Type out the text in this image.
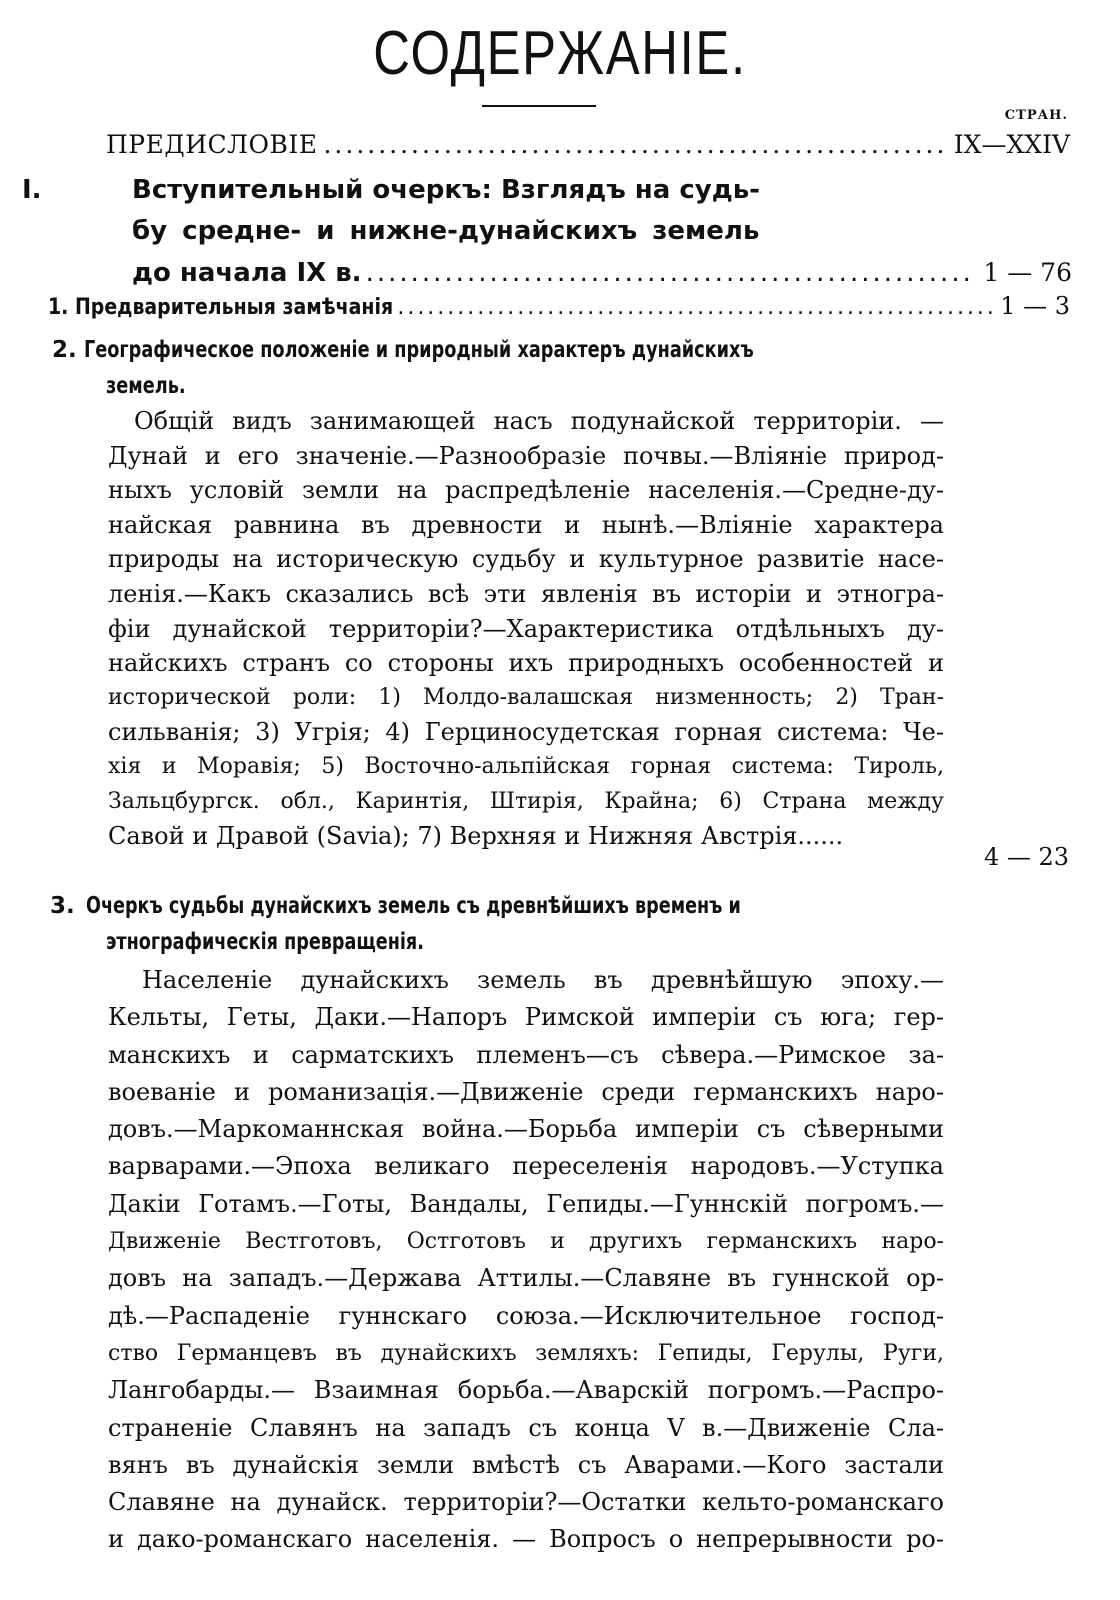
СОДЕРЖАНІЕ.
СТРАН.
ПРЕДИСЛОВІЕ .....	IX—XXIV
I.	Вступительный очеркъ: Взглядъ на судь-
бу средне- и нижне-дунайскихъ земель
до начала IX в. .....	1 — 76
1. Предварительныя замѣчанія .....	1 — 3
2. Географическое положеніе и природный характеръ дунайскихъ
земель.
Общій видъ занимающей насъ подунайской территоріи. —
Дунай и его значеніе.—Разнообразіе почвы.—Вліяніе природ-
ныхъ условій земли на распредѣленіе населенія.—Средне-ду-
найская равнина въ древности и нынѣ.—Вліяніе характера
природы на историческую судьбу и культурное развитіе насе-
ленія.—Какъ сказались всѣ эти явленія въ исторіи и этногра-
фіи дунайской территоріи?—Характеристика отдѣльныхъ ду-
найскихъ странъ со стороны ихъ природныхъ особенностей и
исторической роли: 1) Молдо-валашская низменность; 2) Тран-
сильванія; 3) Угрія; 4) Герциносудетская горная система: Че-
хія и Моравія; 5) Восточно-альпійская горная система: Тироль,
Зальцбургск. обл., Каринтія, Штирія, Крайна; 6) Страна между
Савой и Дравой (Savia); 7) Верхняя и Нижняя Австрія......
4 — 23
3. Очеркъ судьбы дунайскихъ земель съ древнѣйшихъ временъ и
этнографическія превращенія.
Населеніе дунайскихъ земель въ древнѣйшую эпоху.—
Кельты, Геты, Даки.—Напоръ Римской имперіи съ юга; гер-
манскихъ и сарматскихъ племенъ—съ сѣвера.—Римское за-
воеваніе и романизація.—Движеніе среди германскихъ наро-
довъ.—Маркоманнская война.—Борьба имперіи съ сѣверными
варварами.—Эпоха великаго переселенія народовъ.—Уступка
Дакіи Готамъ.—Готы, Вандалы, Гепиды.—Гуннскій погромъ.—
Движеніе Вестготовъ, Остготовъ и другихъ германскихъ наро-
довъ на западъ.—Держава Аттилы.—Славяне въ гуннской ор-
дѣ.—Распаденіе гуннскаго союза.—Исключительное господ-
ство Германцевъ въ дунайскихъ земляхъ: Гепиды, Герулы, Руги,
Лангобарды.— Взаимная борьба.—Аварскій погромъ.—Распро-
страненіе Славянъ на западъ съ конца V в.—Движеніе Сла-
вянъ въ дунайскія земли вмѣстѣ съ Аварами.—Кого застали
Славяне на дунайск. территоріи?—Остатки кельто-романскаго
и дако-романскаго населенія. — Вопросъ о непрерывности ро-
